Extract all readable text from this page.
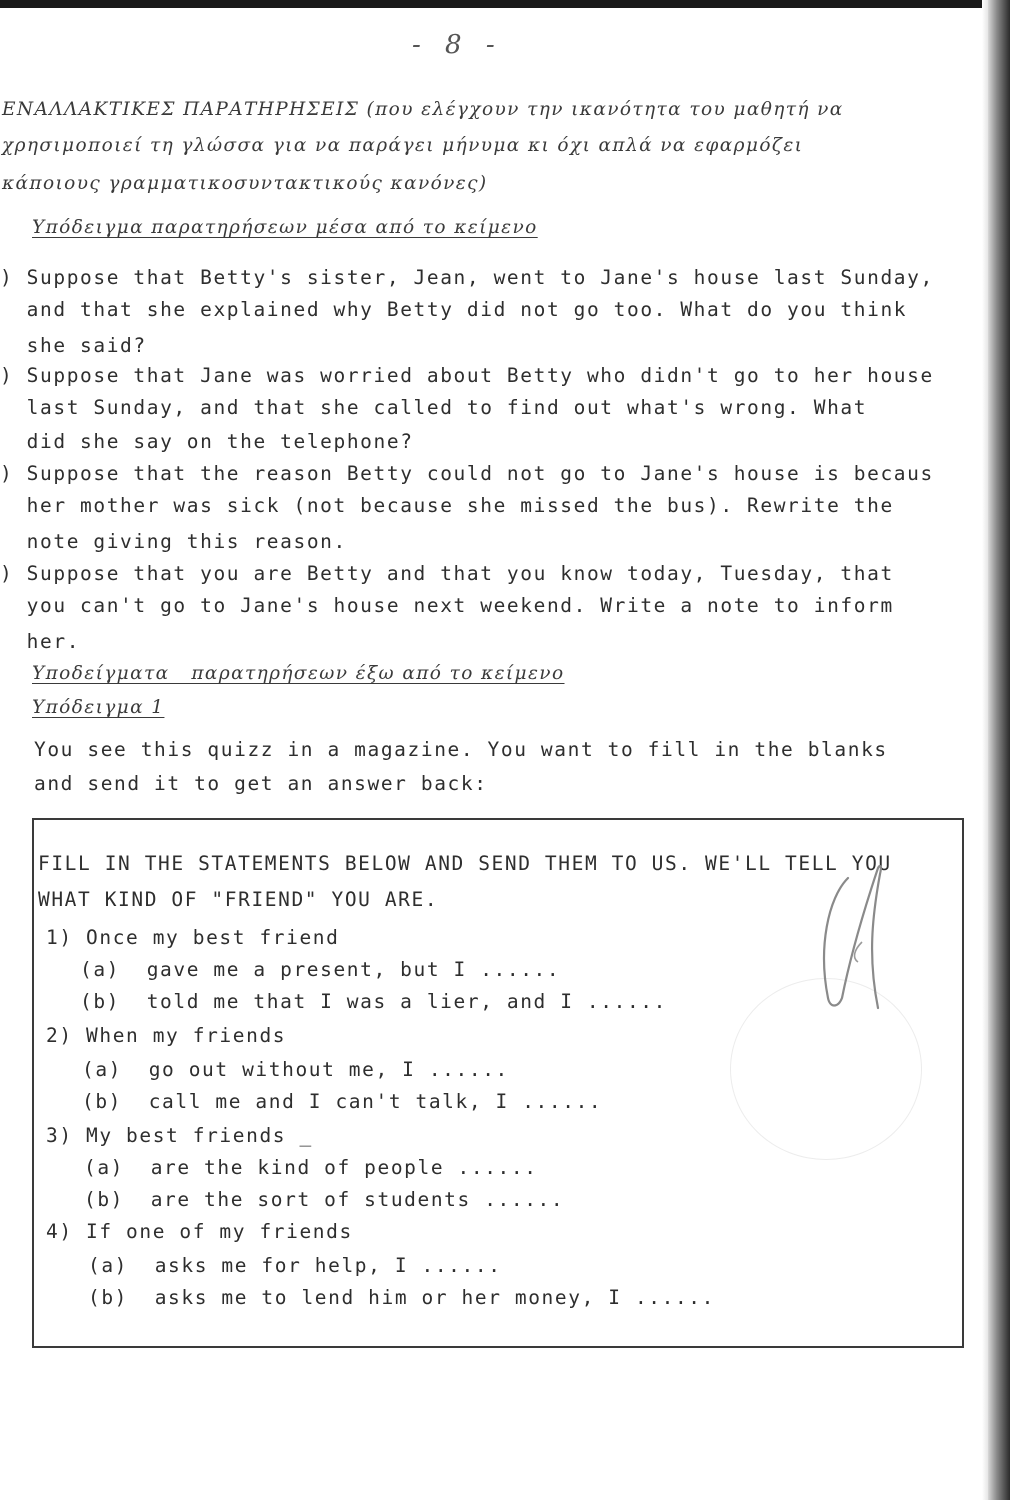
- 8 -
ΕΝΑΛΛΑΚΤΙΚΕΣ ΠΑΡΑΤΗΡΗΣΕΙΣ (που ελέγχουν την ικανότητα του μαθητή να
χρησιμοποιεί τη γλώσσα για να παράγει μήνυμα κι όχι απλά να εφαρμόζει
κάποιους γραμματικοσυντακτικούς κανόνες)
Υπόδειγμα παρατηρήσεων μέσα από το κείμενο
) Suppose that Betty's sister, Jean, went to Jane's house last Sunday,
and that she explained why Betty did not go too. What do you think
she said?
) Suppose that Jane was worried about Betty who didn't go to her house
last Sunday, and that she called to find out what's wrong. What
did she say on the telephone?
) Suppose that the reason Betty could not go to Jane's house is becaus
her mother was sick (not because she missed the bus). Rewrite the
note giving this reason.
) Suppose that you are Betty and that you know today, Tuesday, that
you can't go to Jane's house next weekend. Write a note to inform
her.
Υποδείγματα   παρατηρήσεων έξω από το κείμενο
Υπόδειγμα 1
You see this quizz in a magazine. You want to fill in the blanks
and send it to get an answer back:
FILL IN THE STATEMENTS BELOW AND SEND THEM TO US. WE'LL TELL YOU
WHAT KIND OF "FRIEND" YOU ARE.
1) Once my best friend
(a)  gave me a present, but I ......
(b)  told me that I was a lier, and I ......
2) When my friends
(a)  go out without me, I ......
(b)  call me and I can't talk, I ......
3) My best friends _
(a)  are the kind of people ......
(b)  are the sort of students ......
4) If one of my friends
(a)  asks me for help, I ......
(b)  asks me to lend him or her money, I ......
